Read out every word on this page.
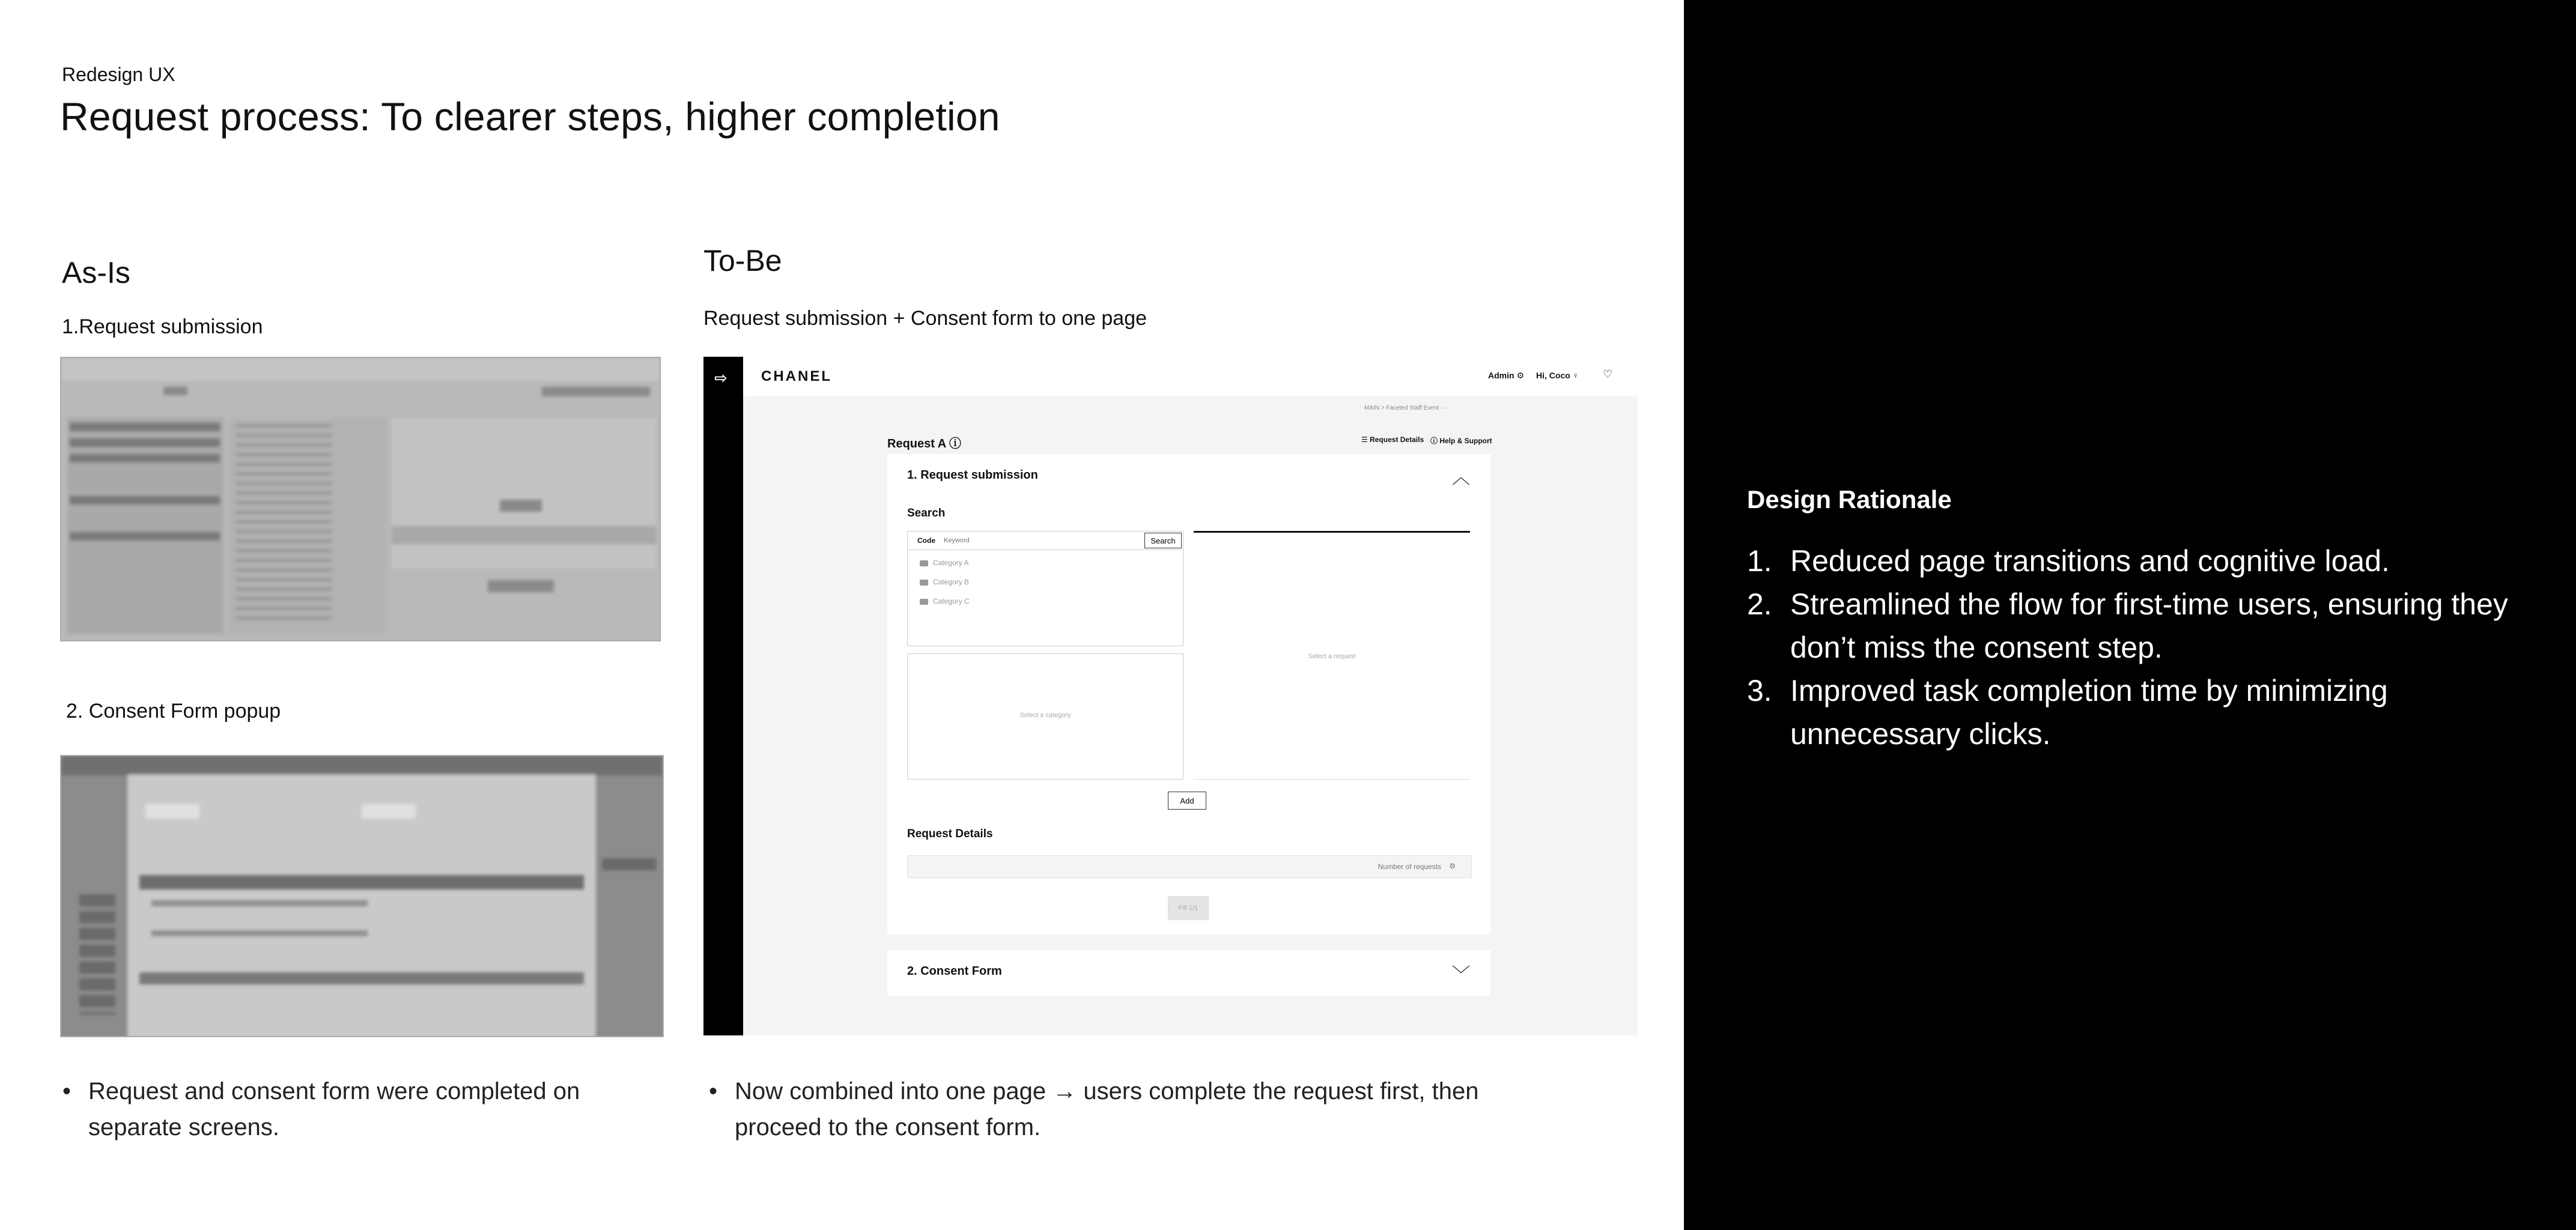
Redesign UX
Request process: To clearer steps, higher completion
As-Is
1.Request submission
2. Consent Form popup
• Request and consent form were completed on separate screens.
To-Be
Request submission + Consent form to one page
⇨ CHANEL	Admin ⚙ Hi, Coco ♀ ♡
MAIN > Faceted Staff Event ···
Request A ⓘ	☰ Request Details ⓘ Help & Support
1. Request submission	︿
Search
Code
Keyword	Search
Category A
Category B
Category C
Select a category
Select a request
Add
Request Details
Number of requests ⚙
Fill 1/1
2. Consent Form	﹀
• Now combined into one page → users complete the request first, then proceed to the consent form.
Design Rationale
1. Reduced page transitions and cognitive load.
2. Streamlined the flow for first-time users, ensuring they don’t miss the consent step.
3. Improved task completion time by minimizing unnecessary clicks.
